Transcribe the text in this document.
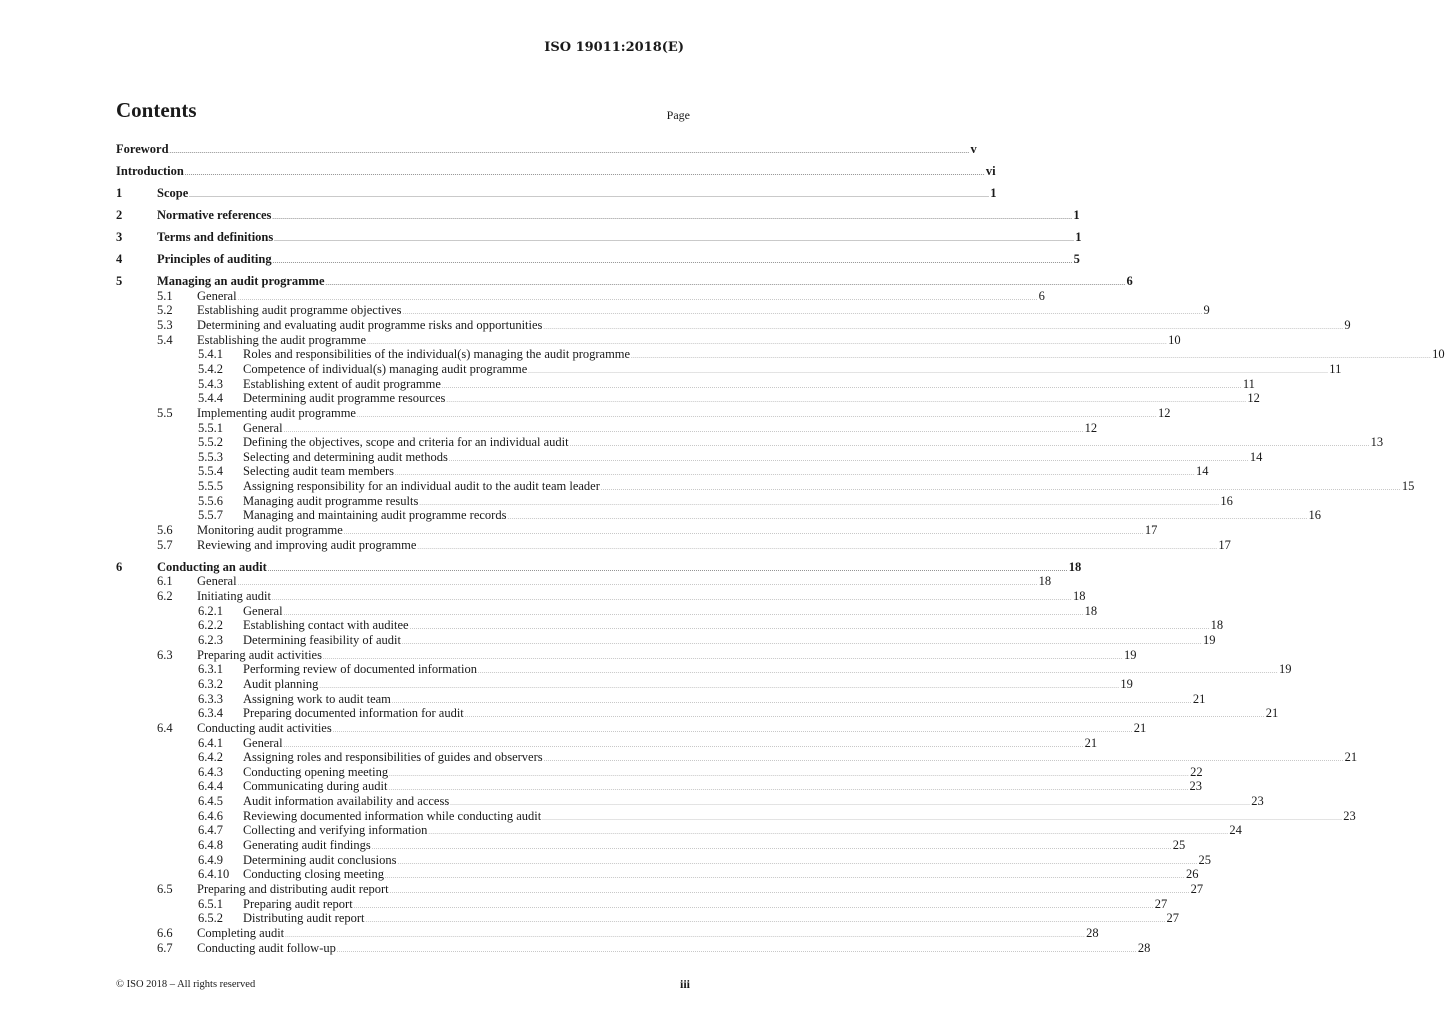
ISO 19011:2018(E)
Contents	Page
Foreword ................................................................................................................................................................................................................................................................................................................................................................................................................ v
Introduction ................................................................................................................................................................................................................................................................................................................................................................................................................ vi
1	Scope ................................................................................................................................................................................................................................................................................................................................................................................................................ 1
2	Normative references ................................................................................................................................................................................................................................................................................................................................................................................................................ 1
3	Terms and definitions ................................................................................................................................................................................................................................................................................................................................................................................................................ 1
4	Principles of auditing ................................................................................................................................................................................................................................................................................................................................................................................................................ 5
5	Managing an audit programme ................................................................................................................................................................................................................................................................................................................................................................................................................ 6
5.1 General ................................................................................................................................................................................................................................................................................................................................................................................................................ 6
5.2 Establishing audit programme objectives ................................................................................................................................................................................................................................................................................................................................................................................................................ 9
5.3 Determining and evaluating audit programme risks and opportunities ................................................................................................................................................................................................................................................................................................................................................................................................................ 9
5.4 Establishing the audit programme ................................................................................................................................................................................................................................................................................................................................................................................................................ 10
5.4.1 Roles and responsibilities of the individual(s) managing the audit programme ................................................................................................................................................................................................................................................................................................................................................................................................................ 10
5.4.2 Competence of individual(s) managing audit programme ................................................................................................................................................................................................................................................................................................................................................................................................................ 11
5.4.3 Establishing extent of audit programme ................................................................................................................................................................................................................................................................................................................................................................................................................ 11
5.4.4 Determining audit programme resources ................................................................................................................................................................................................................................................................................................................................................................................................................ 12
5.5 Implementing audit programme ................................................................................................................................................................................................................................................................................................................................................................................................................ 12
5.5.1 General ................................................................................................................................................................................................................................................................................................................................................................................................................ 12
5.5.2 Defining the objectives, scope and criteria for an individual audit ................................................................................................................................................................................................................................................................................................................................................................................................................ 13
5.5.3 Selecting and determining audit methods ................................................................................................................................................................................................................................................................................................................................................................................................................ 14
5.5.4 Selecting audit team members ................................................................................................................................................................................................................................................................................................................................................................................................................ 14
5.5.5 Assigning responsibility for an individual audit to the audit team leader ................................................................................................................................................................................................................................................................................................................................................................................................................ 15
5.5.6 Managing audit programme results ................................................................................................................................................................................................................................................................................................................................................................................................................ 16
5.5.7 Managing and maintaining audit programme records ................................................................................................................................................................................................................................................................................................................................................................................................................ 16
5.6 Monitoring audit programme ................................................................................................................................................................................................................................................................................................................................................................................................................ 17
5.7 Reviewing and improving audit programme ................................................................................................................................................................................................................................................................................................................................................................................................................ 17
6	Conducting an audit ................................................................................................................................................................................................................................................................................................................................................................................................................ 18
6.1 General ................................................................................................................................................................................................................................................................................................................................................................................................................ 18
6.2 Initiating audit ................................................................................................................................................................................................................................................................................................................................................................................................................ 18
6.2.1 General ................................................................................................................................................................................................................................................................................................................................................................................................................ 18
6.2.2 Establishing contact with auditee ................................................................................................................................................................................................................................................................................................................................................................................................................ 18
6.2.3 Determining feasibility of audit ................................................................................................................................................................................................................................................................................................................................................................................................................ 19
6.3 Preparing audit activities ................................................................................................................................................................................................................................................................................................................................................................................................................ 19
6.3.1 Performing review of documented information ................................................................................................................................................................................................................................................................................................................................................................................................................ 19
6.3.2 Audit planning ................................................................................................................................................................................................................................................................................................................................................................................................................ 19
6.3.3 Assigning work to audit team ................................................................................................................................................................................................................................................................................................................................................................................................................ 21
6.3.4 Preparing documented information for audit ................................................................................................................................................................................................................................................................................................................................................................................................................ 21
6.4 Conducting audit activities ................................................................................................................................................................................................................................................................................................................................................................................................................ 21
6.4.1 General ................................................................................................................................................................................................................................................................................................................................................................................................................ 21
6.4.2 Assigning roles and responsibilities of guides and observers ................................................................................................................................................................................................................................................................................................................................................................................................................ 21
6.4.3 Conducting opening meeting ................................................................................................................................................................................................................................................................................................................................................................................................................ 22
6.4.4 Communicating during audit ................................................................................................................................................................................................................................................................................................................................................................................................................ 23
6.4.5 Audit information availability and access ................................................................................................................................................................................................................................................................................................................................................................................................................ 23
6.4.6 Reviewing documented information while conducting audit ................................................................................................................................................................................................................................................................................................................................................................................................................ 23
6.4.7 Collecting and verifying information ................................................................................................................................................................................................................................................................................................................................................................................................................ 24
6.4.8 Generating audit findings ................................................................................................................................................................................................................................................................................................................................................................................................................ 25
6.4.9 Determining audit conclusions ................................................................................................................................................................................................................................................................................................................................................................................................................ 25
6.4.10 Conducting closing meeting ................................................................................................................................................................................................................................................................................................................................................................................................................ 26
6.5 Preparing and distributing audit report ................................................................................................................................................................................................................................................................................................................................................................................................................ 27
6.5.1 Preparing audit report ................................................................................................................................................................................................................................................................................................................................................................................................................ 27
6.5.2 Distributing audit report ................................................................................................................................................................................................................................................................................................................................................................................................................ 27
6.6 Completing audit ................................................................................................................................................................................................................................................................................................................................................................................................................ 28
6.7 Conducting audit follow-up ................................................................................................................................................................................................................................................................................................................................................................................................................ 28
© ISO 2018 – All rights reserved	iii
